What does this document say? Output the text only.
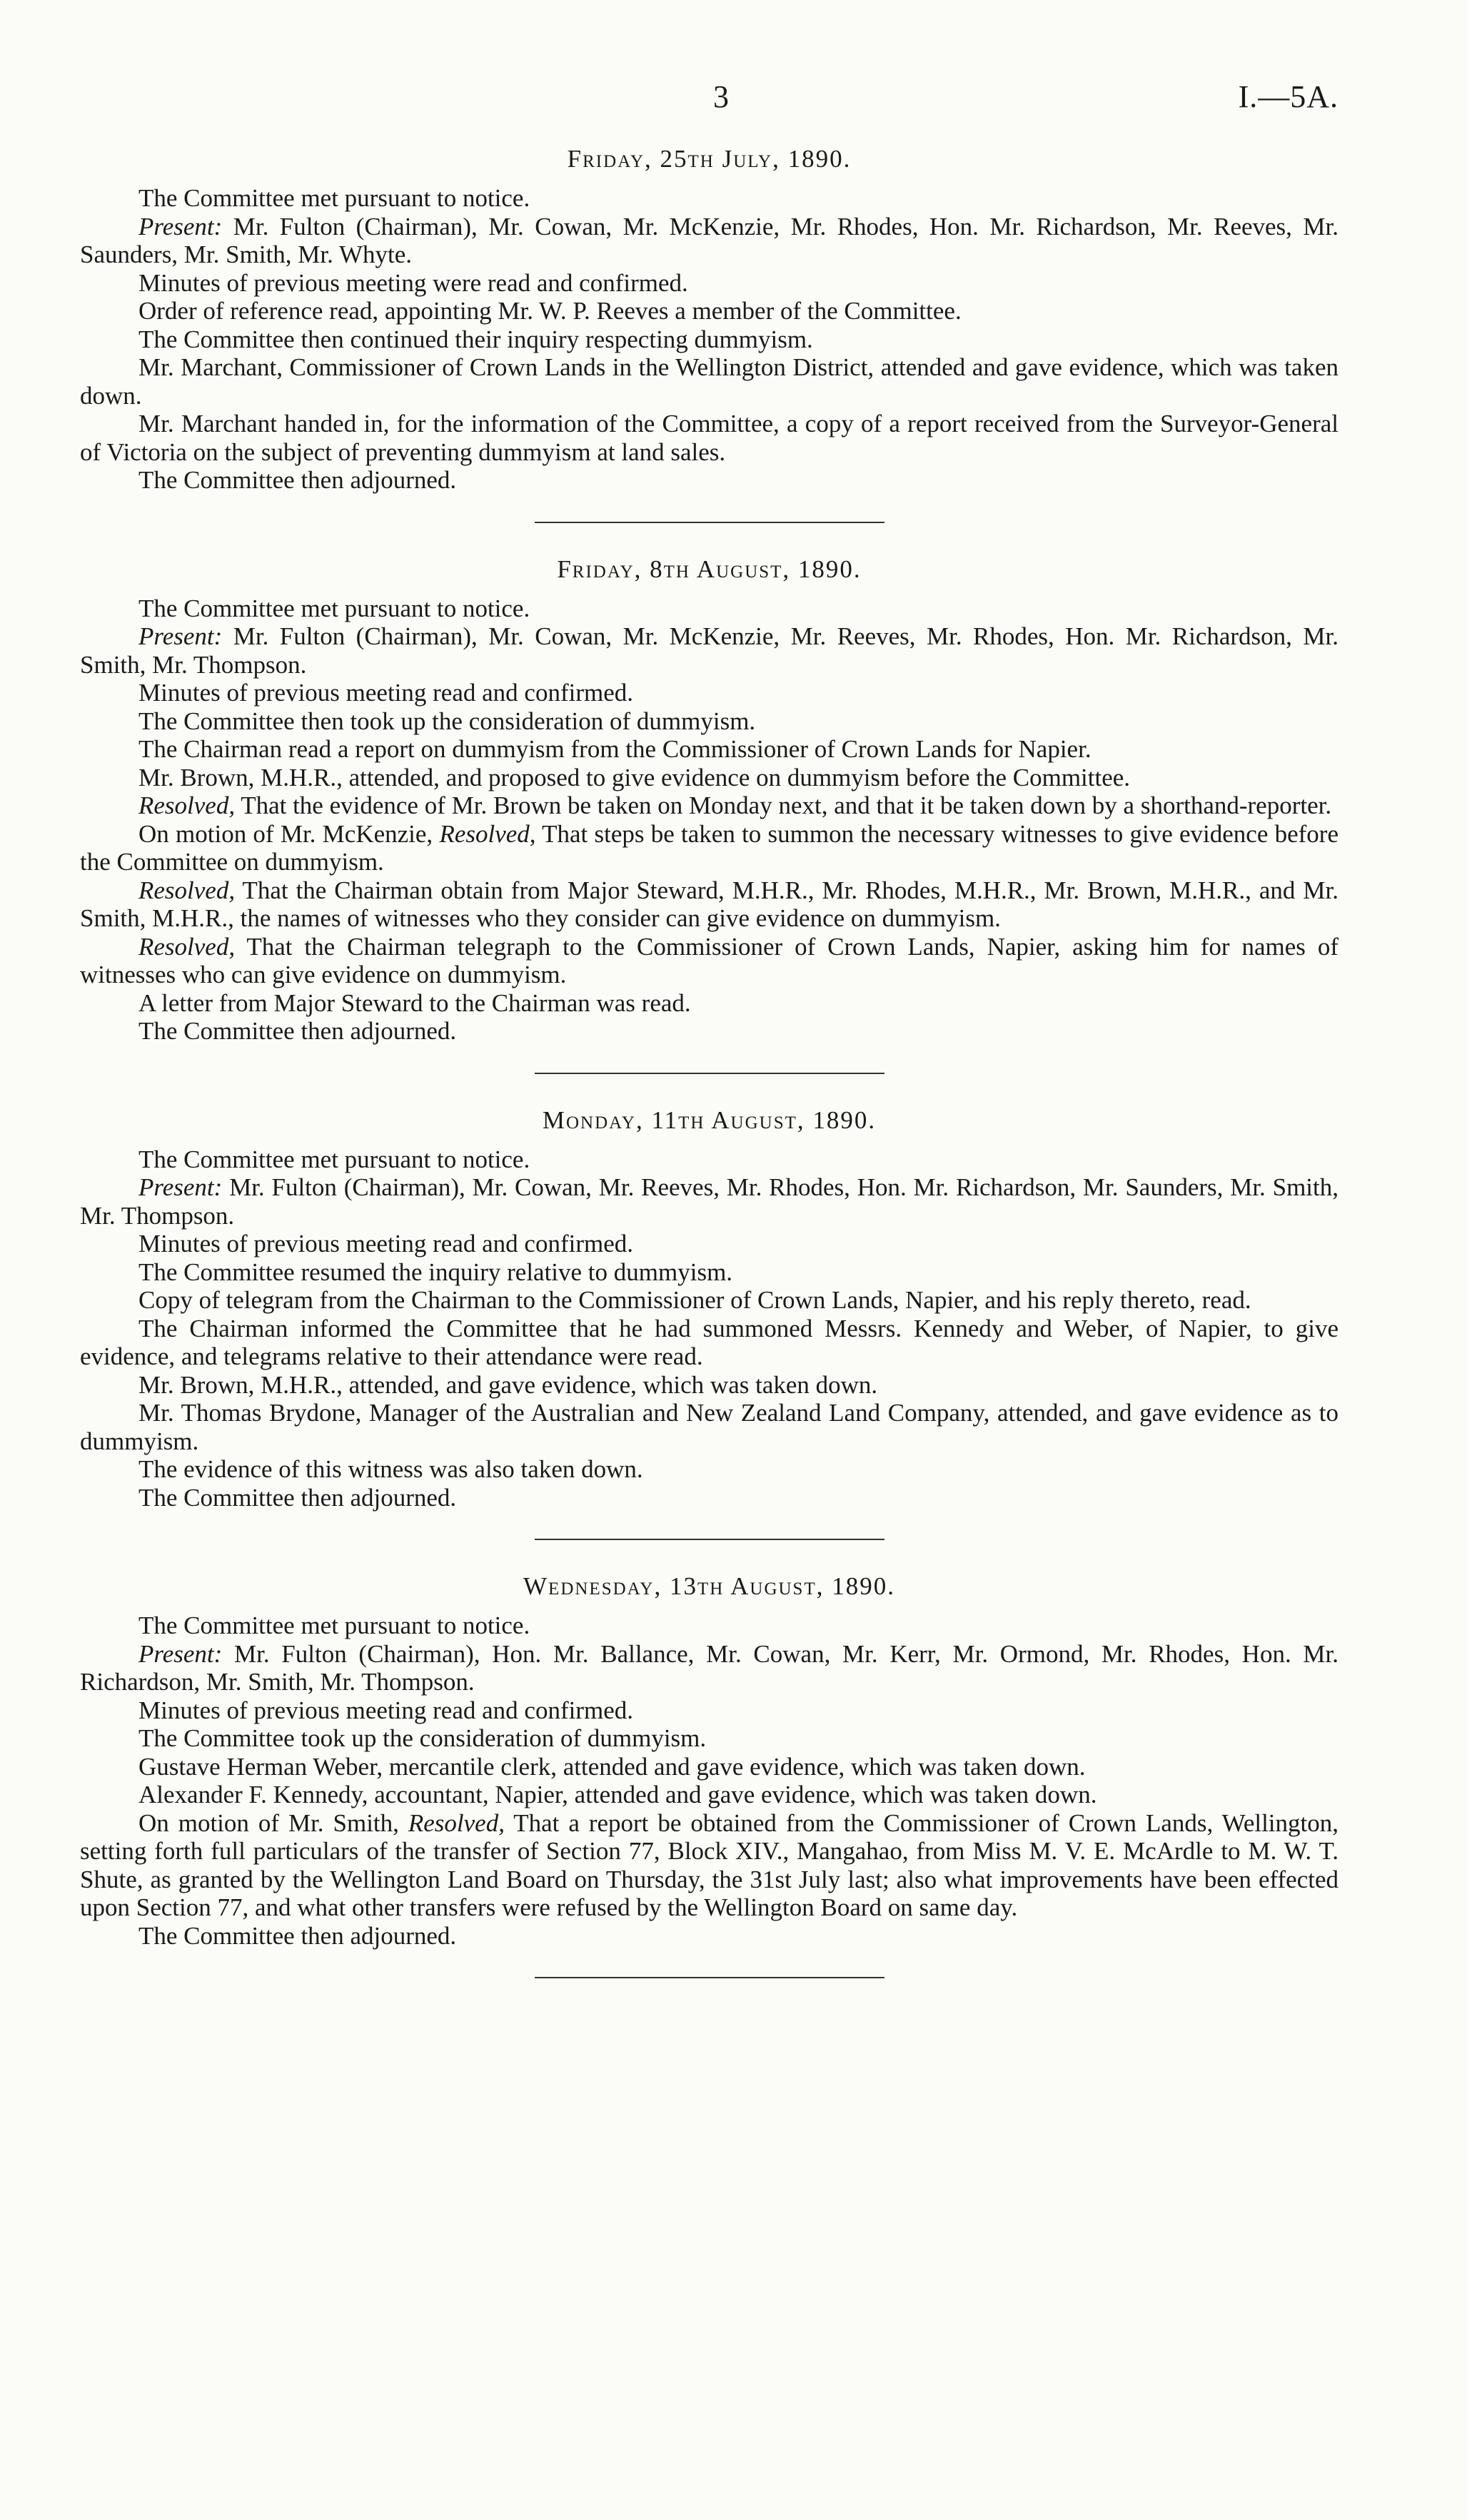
3	I.—5A.
Friday, 25th July, 1890.

The Committee met pursuant to notice.

Present: Mr. Fulton (Chairman), Mr. Cowan, Mr. McKenzie, Mr. Rhodes, Hon. Mr. Richardson, Mr. Reeves, Mr. Saunders, Mr. Smith, Mr. Whyte.

Minutes of previous meeting were read and confirmed.

Order of reference read, appointing Mr. W. P. Reeves a member of the Committee.

The Committee then continued their inquiry respecting dummyism.

Mr. Marchant, Commissioner of Crown Lands in the Wellington District, attended and gave evidence, which was taken down.

Mr. Marchant handed in, for the information of the Committee, a copy of a report received from the Surveyor-General of Victoria on the subject of preventing dummyism at land sales.

The Committee then adjourned.

Friday, 8th August, 1890.

The Committee met pursuant to notice.

Present: Mr. Fulton (Chairman), Mr. Cowan, Mr. McKenzie, Mr. Reeves, Mr. Rhodes, Hon. Mr. Richardson, Mr. Smith, Mr. Thompson.

Minutes of previous meeting read and confirmed.

The Committee then took up the consideration of dummyism.

The Chairman read a report on dummyism from the Commissioner of Crown Lands for Napier.

Mr. Brown, M.H.R., attended, and proposed to give evidence on dummyism before the Committee.

Resolved, That the evidence of Mr. Brown be taken on Monday next, and that it be taken down by a shorthand-reporter.

On motion of Mr. McKenzie, Resolved, That steps be taken to summon the necessary witnesses to give evidence before the Committee on dummyism.

Resolved, That the Chairman obtain from Major Steward, M.H.R., Mr. Rhodes, M.H.R., Mr. Brown, M.H.R., and Mr. Smith, M.H.R., the names of witnesses who they consider can give evidence on dummyism.

Resolved, That the Chairman telegraph to the Commissioner of Crown Lands, Napier, asking him for names of witnesses who can give evidence on dummyism.

A letter from Major Steward to the Chairman was read.

The Committee then adjourned.

Monday, 11th August, 1890.

The Committee met pursuant to notice.

Present: Mr. Fulton (Chairman), Mr. Cowan, Mr. Reeves, Mr. Rhodes, Hon. Mr. Richardson, Mr. Saunders, Mr. Smith, Mr. Thompson.

Minutes of previous meeting read and confirmed.

The Committee resumed the inquiry relative to dummyism.

Copy of telegram from the Chairman to the Commissioner of Crown Lands, Napier, and his reply thereto, read.

The Chairman informed the Committee that he had summoned Messrs. Kennedy and Weber, of Napier, to give evidence, and telegrams relative to their attendance were read.

Mr. Brown, M.H.R., attended, and gave evidence, which was taken down.

Mr. Thomas Brydone, Manager of the Australian and New Zealand Land Company, attended, and gave evidence as to dummyism.

The evidence of this witness was also taken down.

The Committee then adjourned.

Wednesday, 13th August, 1890.

The Committee met pursuant to notice.

Present: Mr. Fulton (Chairman), Hon. Mr. Ballance, Mr. Cowan, Mr. Kerr, Mr. Ormond, Mr. Rhodes, Hon. Mr. Richardson, Mr. Smith, Mr. Thompson.

Minutes of previous meeting read and confirmed.

The Committee took up the consideration of dummyism.

Gustave Herman Weber, mercantile clerk, attended and gave evidence, which was taken down.

Alexander F. Kennedy, accountant, Napier, attended and gave evidence, which was taken down.

On motion of Mr. Smith, Resolved, That a report be obtained from the Commissioner of Crown Lands, Wellington, setting forth full particulars of the transfer of Section 77, Block XIV., Mangahao, from Miss M. V. E. McArdle to M. W. T. Shute, as granted by the Wellington Land Board on Thursday, the 31st July last; also what improvements have been effected upon Section 77, and what other transfers were refused by the Wellington Board on same day.

The Committee then adjourned.
